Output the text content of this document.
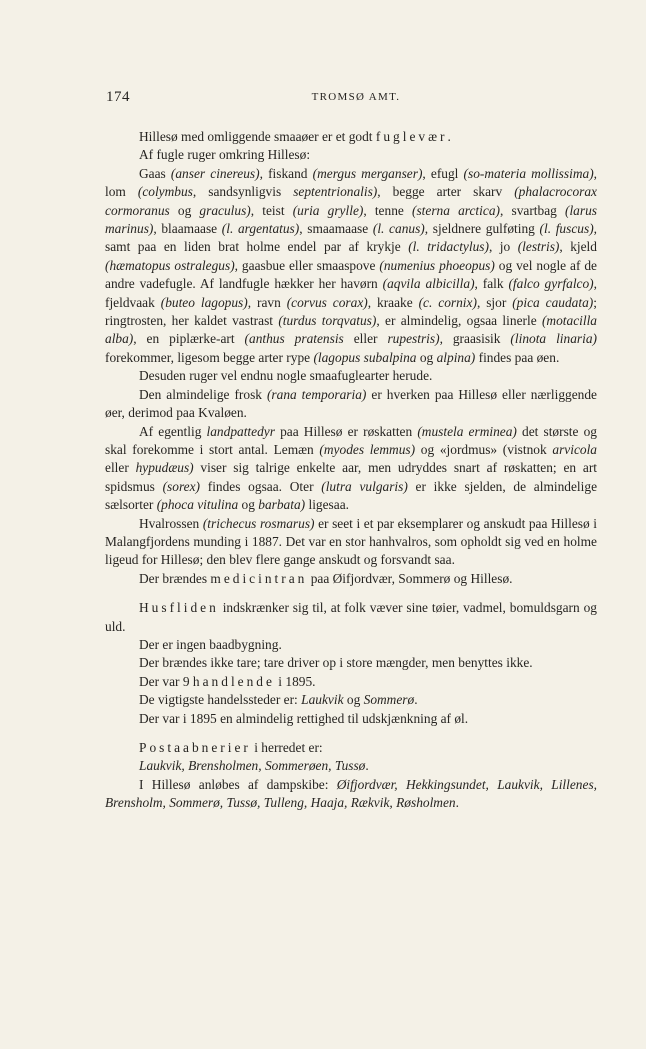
174	TROMSØ AMT.

Hillesø med omliggende smaaøer er et godt fuglevær.

Af fugle ruger omkring Hillesø:

Gaas (anser cinereus), fiskand (mergus merganser), efugl (so-materia mollissima), lom (colymbus, sandsynligvis septentrionalis), begge arter skarv (phalacrocorax cormoranus og graculus), teist (uria grylle), tenne (sterna arctica), svartbag (larus marinus), blaamaase (l. argentatus), smaamaase (l. canus), sjeldnere gulføting (l. fuscus), samt paa en liden brat holme endel par af krykje (l. tridactylus), jo (lestris), kjeld (hæmatopus ostralegus), gaasbue eller smaaspove (numenius phoeopus) og vel nogle af de andre vadefugle. Af landfugle hækker her havørn (aqvila albicilla), falk (falco gyrfalco), fjeldvaak (buteo lagopus), ravn (corvus corax), kraake (c. cornix), sjor (pica caudata); ringtrosten, her kaldet vastrast (turdus torqvatus), er almindelig, ogsaa linerle (motacilla alba), en piplærke-art (anthus pratensis eller rupestris), graasisik (linota linaria) forekommer, ligesom begge arter rype (lagopus subalpina og alpina) findes paa øen.

Desuden ruger vel endnu nogle smaafuglearter herude.

Den almindelige frosk (rana temporaria) er hverken paa Hillesø eller nærliggende øer, derimod paa Kvaløen.

Af egentlig landpattedyr paa Hillesø er røskatten (mustela erminea) det største og skal forekomme i stort antal. Lemæn (myodes lemmus) og «jordmus» (vistnok arvicola eller hypudæus) viser sig talrige enkelte aar, men udryddes snart af røskatten; en art spidsmus (sorex) findes ogsaa. Oter (lutra vulgaris) er ikke sjelden, de almindelige sælsorter (phoca vitulina og barbata) ligesaa.

Hvalrossen (trichecus rosmarus) er seet i et par eksemplarer og anskudt paa Hillesø i Malangfjordens munding i 1887. Det var en stor hanhvalros, som opholdt sig ved en holme ligeud for Hillesø; den blev flere gange anskudt og forsvandt saa.

Der brændes medicintran paa Øifjordvær, Sommerø og Hillesø.

Husfliden indskrænker sig til, at folk væver sine tøier, vadmel, bomuldsgarn og uld.

Der er ingen baadbygning.

Der brændes ikke tare; tare driver op i store mængder, men benyttes ikke.

Der var 9 handlende i 1895.

De vigtigste handelssteder er: Laukvik og Sommerø.

Der var i 1895 en almindelig rettighed til udskjænkning af øl.

Postaabnerier i herredet er:

Laukvik, Brensholmen, Sommerøen, Tussø.

I Hillesø anløbes af dampskibe: Øifjordvær, Hekkingsundet, Laukvik, Lillenes, Brensholm, Sommerø, Tussø, Tulleng, Haaja, Rækvik, Røsholmen.
